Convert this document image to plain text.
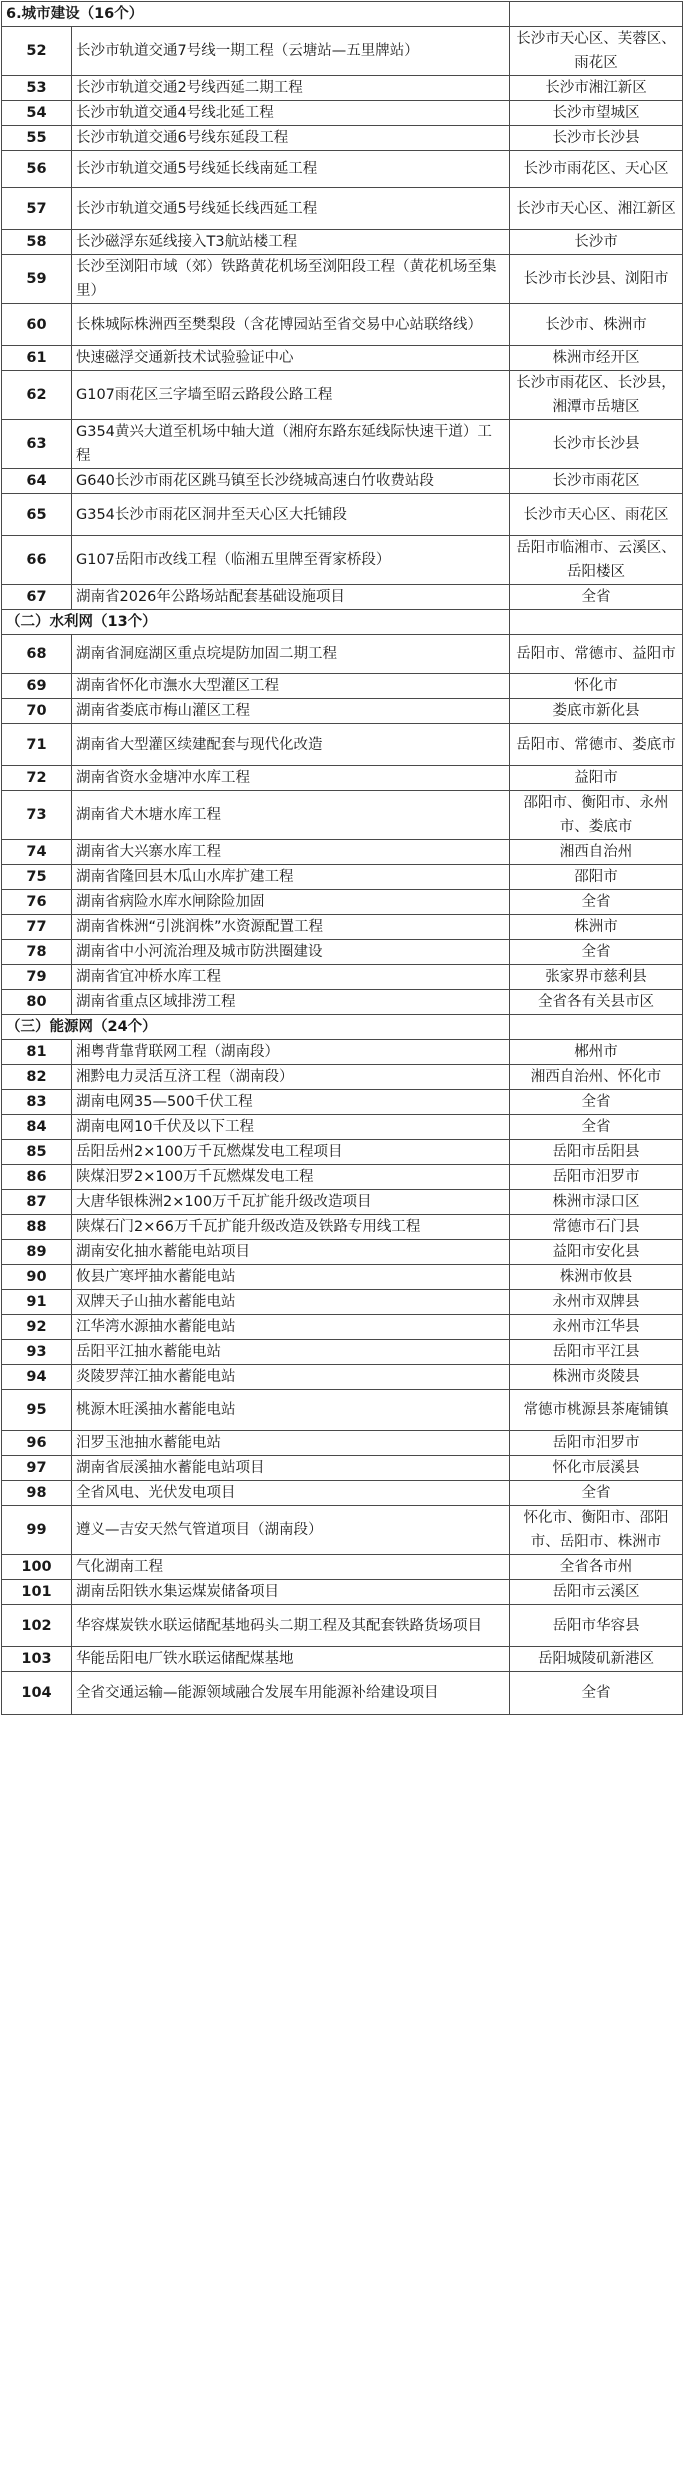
6.城市建设（16个）		
52	长沙市轨道交通7号线一期工程（云塘站—五里牌站）	长沙市天心区、芙蓉区、雨花区
53	长沙市轨道交通2号线西延二期工程	长沙市湘江新区
54	长沙市轨道交通4号线北延工程	长沙市望城区
55	长沙市轨道交通6号线东延段工程	长沙市长沙县
56	长沙市轨道交通5号线延长线南延工程	长沙市雨花区、天心区
57	长沙市轨道交通5号线延长线西延工程	长沙市天心区、湘江新区
58	长沙磁浮东延线接入T3航站楼工程	长沙市
59	长沙至浏阳市域（郊）铁路黄花机场至浏阳段工程（黄花机场至集里）	长沙市长沙县、浏阳市
60	长株城际株洲西至樊梨段（含花博园站至省交易中心站联络线）	长沙市、株洲市
61	快速磁浮交通新技术试验验证中心	株洲市经开区
62	G107雨花区三字墙至昭云路段公路工程	长沙市雨花区、长沙县，湘潭市岳塘区
63	G354黄兴大道至机场中轴大道（湘府东路东延线际快速干道）工程	长沙市长沙县
64	G640长沙市雨花区跳马镇至长沙绕城高速白竹收费站段	长沙市雨花区
65	G354长沙市雨花区洞井至天心区大托铺段	长沙市天心区、雨花区
66	G107岳阳市改线工程（临湘五里牌至胥家桥段）	岳阳市临湘市、云溪区、岳阳楼区
67	湖南省2026年公路场站配套基础设施项目	全省
（二）水利网（13个）		
68	湖南省洞庭湖区重点垸堤防加固二期工程	岳阳市、常德市、益阳市
69	湖南省怀化市潕水大型灌区工程	怀化市
70	湖南省娄底市梅山灌区工程	娄底市新化县
71	湖南省大型灌区续建配套与现代化改造	岳阳市、常德市、娄底市
72	湖南省资水金塘冲水库工程	益阳市
73	湖南省犬木塘水库工程	邵阳市、衡阳市、永州市、娄底市
74	湖南省大兴寨水库工程	湘西自治州
75	湖南省隆回县木瓜山水库扩建工程	邵阳市
76	湖南省病险水库水闸除险加固	全省
77	湖南省株洲“引洮润株”水资源配置工程	株洲市
78	湖南省中小河流治理及城市防洪圈建设	全省
79	湖南省宜冲桥水库工程	张家界市慈利县
80	湖南省重点区域排涝工程	全省各有关县市区
（三）能源网（24个）		
81	湘粤背靠背联网工程（湖南段）	郴州市
82	湘黔电力灵活互济工程（湖南段）	湘西自治州、怀化市
83	湖南电网35—500千伏工程	全省
84	湖南电网10千伏及以下工程	全省
85	岳阳岳州2×100万千瓦燃煤发电工程项目	岳阳市岳阳县
86	陕煤汨罗2×100万千瓦燃煤发电工程	岳阳市汨罗市
87	大唐华银株洲2×100万千瓦扩能升级改造项目	株洲市渌口区
88	陕煤石门2×66万千瓦扩能升级改造及铁路专用线工程	常德市石门县
89	湖南安化抽水蓄能电站项目	益阳市安化县
90	攸县广寒坪抽水蓄能电站	株洲市攸县
91	双牌天子山抽水蓄能电站	永州市双牌县
92	江华湾水源抽水蓄能电站	永州市江华县
93	岳阳平江抽水蓄能电站	岳阳市平江县
94	炎陵罗萍江抽水蓄能电站	株洲市炎陵县
95	桃源木旺溪抽水蓄能电站	常德市桃源县茶庵铺镇
96	汨罗玉池抽水蓄能电站	岳阳市汨罗市
97	湖南省辰溪抽水蓄能电站项目	怀化市辰溪县
98	全省风电、光伏发电项目	全省
99	遵义—吉安天然气管道项目（湖南段）	怀化市、衡阳市、邵阳市、岳阳市、株洲市
100	气化湖南工程	全省各市州
101	湖南岳阳铁水集运煤炭储备项目	岳阳市云溪区
102	华容煤炭铁水联运储配基地码头二期工程及其配套铁路货场项目	岳阳市华容县
103	华能岳阳电厂铁水联运储配煤基地	岳阳城陵矶新港区
104	全省交通运输—能源领域融合发展车用能源补给建设项目	全省
